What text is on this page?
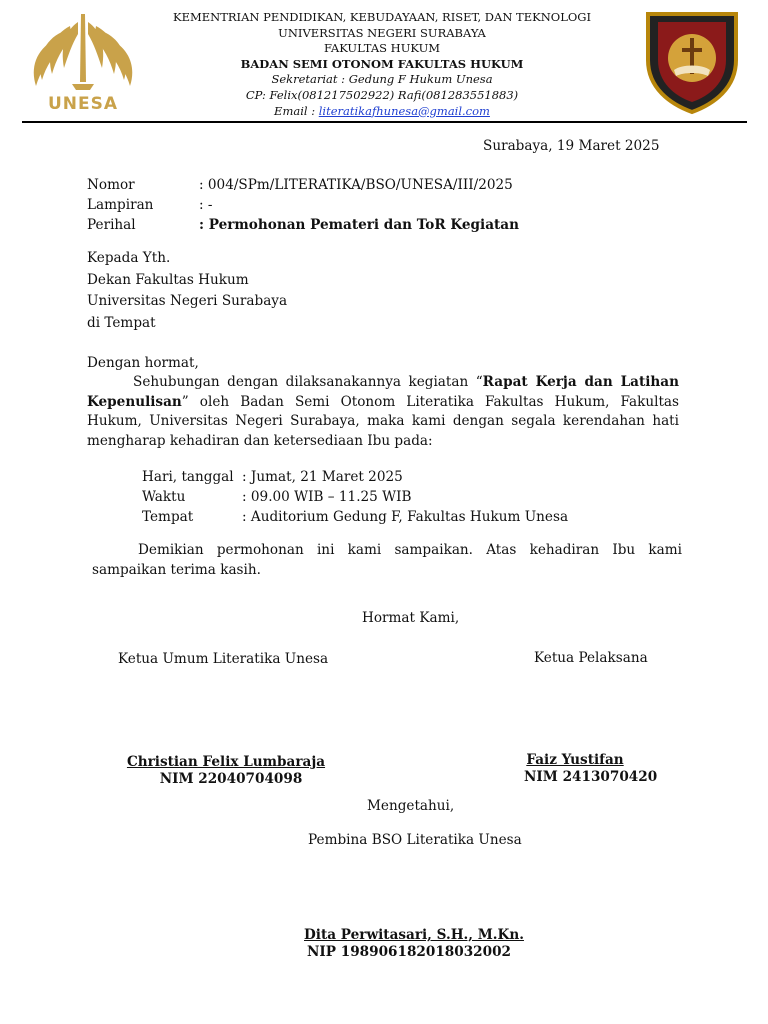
UNESA
KEMENTRIAN PENDIDIKAN, KEBUDAYAAN, RISET, DAN TEKNOLOGI
UNIVERSITAS NEGERI SURABAYA
FAKULTAS HUKUM
BADAN SEMI OTONOM FAKULTAS HUKUM
Sekretariat : Gedung F Hukum Unesa
CP: Felix(081217502922) Rafi(081283551883)
Email : literatikafhunesa@gmail.com
Surabaya, 19 Maret 2025
Nomor	: 004/SPm/LITERATIKA/BSO/UNESA/III/2025
Lampiran	: -
Perihal	: Permohonan Pemateri dan ToR Kegiatan
Kepada Yth.
Dekan Fakultas Hukum
Universitas Negeri Surabaya
di Tempat
Dengan hormat,
Sehubungan dengan dilaksanakannya kegiatan “Rapat Kerja dan Latihan Kepenulisan” oleh Badan Semi Otonom Literatika Fakultas Hukum, Fakultas Hukum, Universitas Negeri Surabaya, maka kami dengan segala kerendahan hati mengharap kehadiran dan ketersediaan Ibu pada:
Hari, tanggal : Jumat, 21 Maret 2025
Waktu	: 09.00 WIB – 11.25 WIB
Tempat	: Auditorium Gedung F, Fakultas Hukum Unesa
Demikian permohonan ini kami sampaikan. Atas kehadiran Ibu kami sampaikan terima kasih.
Hormat Kami,
Ketua Umum Literatika Unesa	Ketua Pelaksana
Christian Felix Lumbaraja
NIM 22040704098
Faiz Yustifan
NIM 2413070420
Mengetahui,
Pembina BSO Literatika Unesa
Dita Perwitasari, S.H., M.Kn.
NIP 198906182018032002
